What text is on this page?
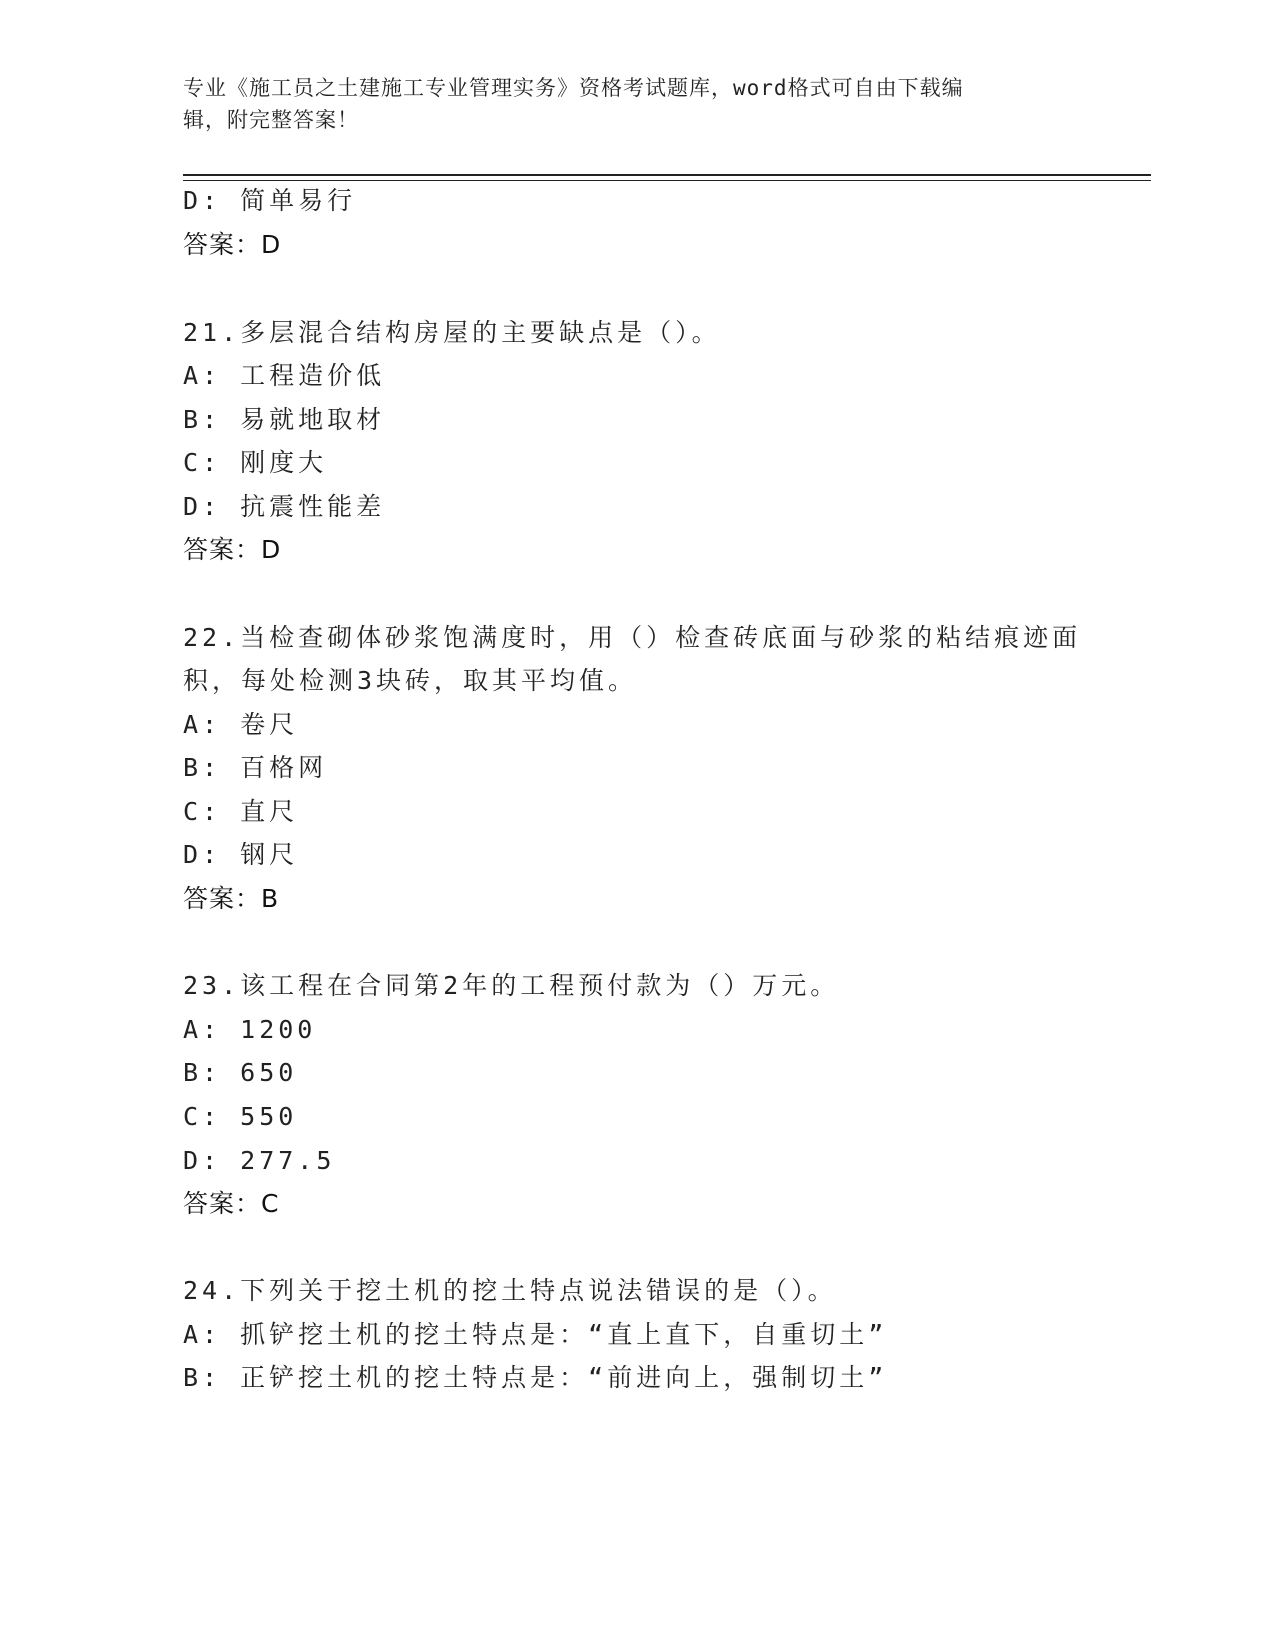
专业《施工员之土建施工专业管理实务》资格考试题库，word格式可自由下载编
辑，附完整答案！
D: 简单易行
答案：D
21.多层混合结构房屋的主要缺点是（）。
A: 工程造价低
B: 易就地取材
C: 刚度大
D: 抗震性能差
答案：D
22.当检查砌体砂浆饱满度时，用（）检查砖底面与砂浆的粘结痕迹面
积，每处检测3块砖，取其平均值。
A: 卷尺
B: 百格网
C: 直尺
D: 钢尺
答案：B
23.该工程在合同第2年的工程预付款为（）万元。
A: 1200
B: 650
C: 550
D: 277.5
答案：C
24.下列关于挖土机的挖土特点说法错误的是（）。
A: 抓铲挖土机的挖土特点是：“直上直下，自重切土”
B: 正铲挖土机的挖土特点是：“前进向上，强制切土”
